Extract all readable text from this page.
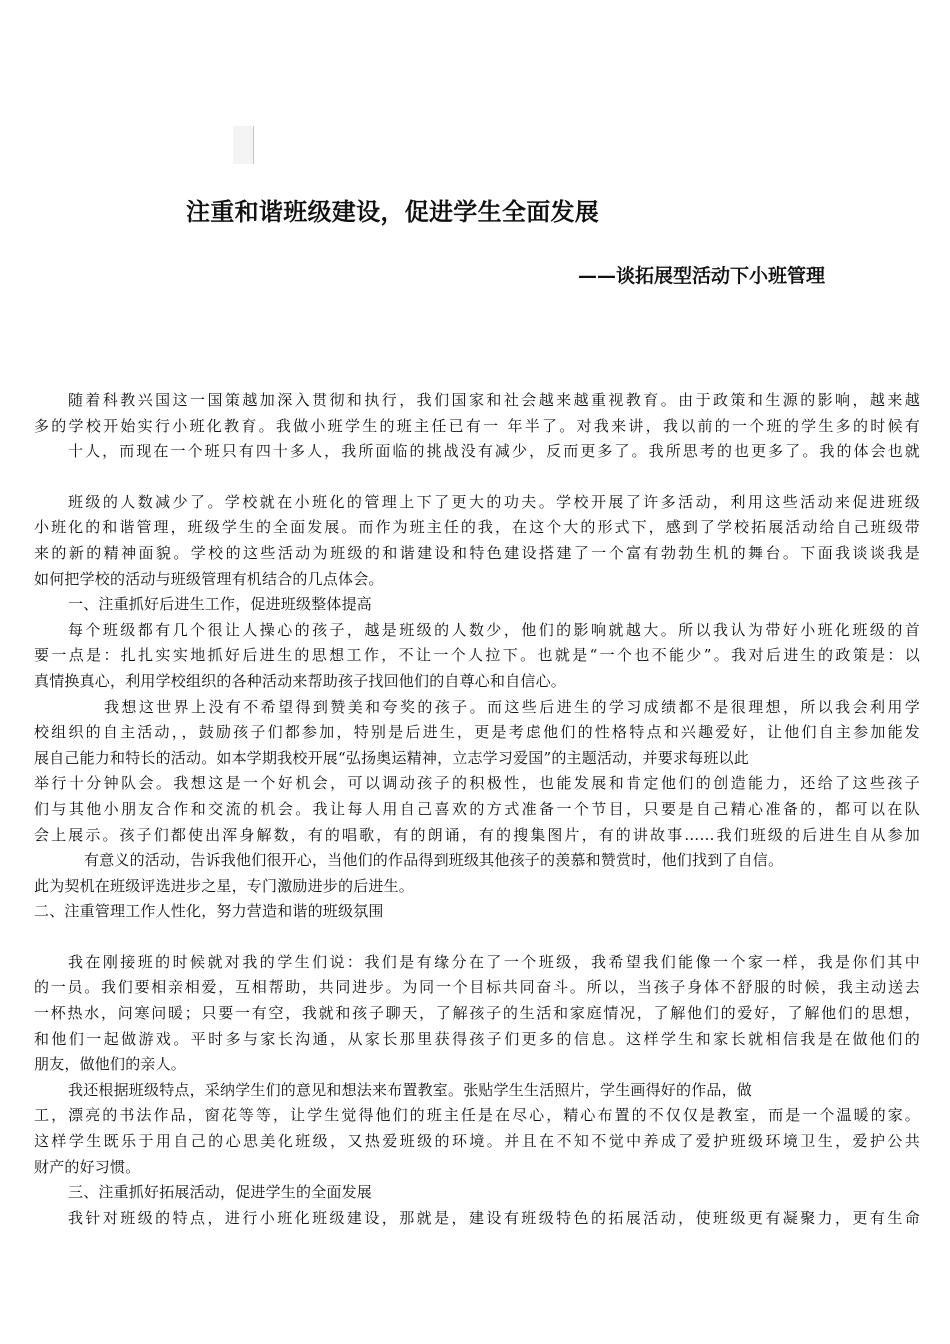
注重和谐班级建设，促进学生全面发展
——谈拓展型活动下小班管理

随着科教兴国这一国策越加深入贯彻和执行，我们国家和社会越来越重视教育。由于政策和生源的影响，越来越

多的学校开始实行小班化教育。我做小班学生的班主任已有一 年半了。对我来讲，我以前的一个班的学生多的时候有

十人，而现在一个班只有四十多人，我所面临的挑战没有减少，反而更多了。我所思考的也更多了。我的体会也就

班级的人数减少了。学校就在小班化的管理上下了更大的功夫。学校开展了许多活动，利用这些活动来促进班级

小班化的和谐管理，班级学生的全面发展。而作为班主任的我，在这个大的形式下，感到了学校拓展活动给自己班级带

来的新的精神面貌。学校的这些活动为班级的和谐建设和特色建设搭建了一个富有勃勃生机的舞台。下面我谈谈我是

如何把学校的活动与班级管理有机结合的几点体会。

一、注重抓好后进生工作，促进班级整体提高

每个班级都有几个很让人操心的孩子，越是班级的人数少，他们的影响就越大。所以我认为带好小班化班级的首

要一点是：扎扎实实地抓好后进生的思想工作，不让一个人拉下。也就是“一个也不能少”。我对后进生的政策是：以

真情换真心，利用学校组织的各种活动来帮助孩子找回他们的自尊心和自信心。

我想这世界上没有不希望得到赞美和夸奖的孩子。而这些后进生的学习成绩都不是很理想，所以我会利用学

校组织的自主活动，，鼓励孩子们都参加，特别是后进生，更是考虑他们的性格特点和兴趣爱好，让他们自主参加能发

展自己能力和特长的活动。如本学期我校开展“弘扬奥运精神，立志学习爱国”的主题活动，并要求每班以此

举行十分钟队会。我想这是一个好机会，可以调动孩子的积极性，也能发展和肯定他们的创造能力，还给了这些孩子

们与其他小朋友合作和交流的机会。我让每人用自己喜欢的方式准备一个节目，只要是自己精心准备的，都可以在队

会上展示。孩子们都使出浑身解数，有的唱歌，有的朗诵，有的搜集图片，有的讲故事……我们班级的后进生自从参加

有意义的活动，告诉我他们很开心，当他们的作品得到班级其他孩子的羡慕和赞赏时，他们找到了自信。

此为契机在班级评选进步之星，专门激励进步的后进生。

二、注重管理工作人性化，努力营造和谐的班级氛围

我在刚接班的时候就对我的学生们说：我们是有缘分在了一个班级，我希望我们能像一个家一样，我是你们其中

的一员。我们要相亲相爱，互相帮助，共同进步。为同一个目标共同奋斗。所以，当孩子身体不舒服的时候，我主动送去

一杯热水，问寒问暖；只要一有空，我就和孩子聊天，了解孩子的生活和家庭情况，了解他们的爱好，了解他们的思想，

和他们一起做游戏。平时多与家长沟通，从家长那里获得孩子们更多的信息。这样学生和家长就相信我是在做他们的

朋友，做他们的亲人。

我还根据班级特点，采纳学生们的意见和想法来布置教室。张贴学生生活照片，学生画得好的作品，做

工，漂亮的书法作品，窗花等等，让学生觉得他们的班主任是在尽心，精心布置的不仅仅是教室，而是一个温暖的家。

这样学生既乐于用自己的心思美化班级，又热爱班级的环境。并且在不知不觉中养成了爱护班级环境卫生，爱护公共

财产的好习惯。

三、注重抓好拓展活动，促进学生的全面发展

我针对班级的特点，进行小班化班级建设，那就是，建设有班级特色的拓展活动，使班级更有凝聚力，更有生命
